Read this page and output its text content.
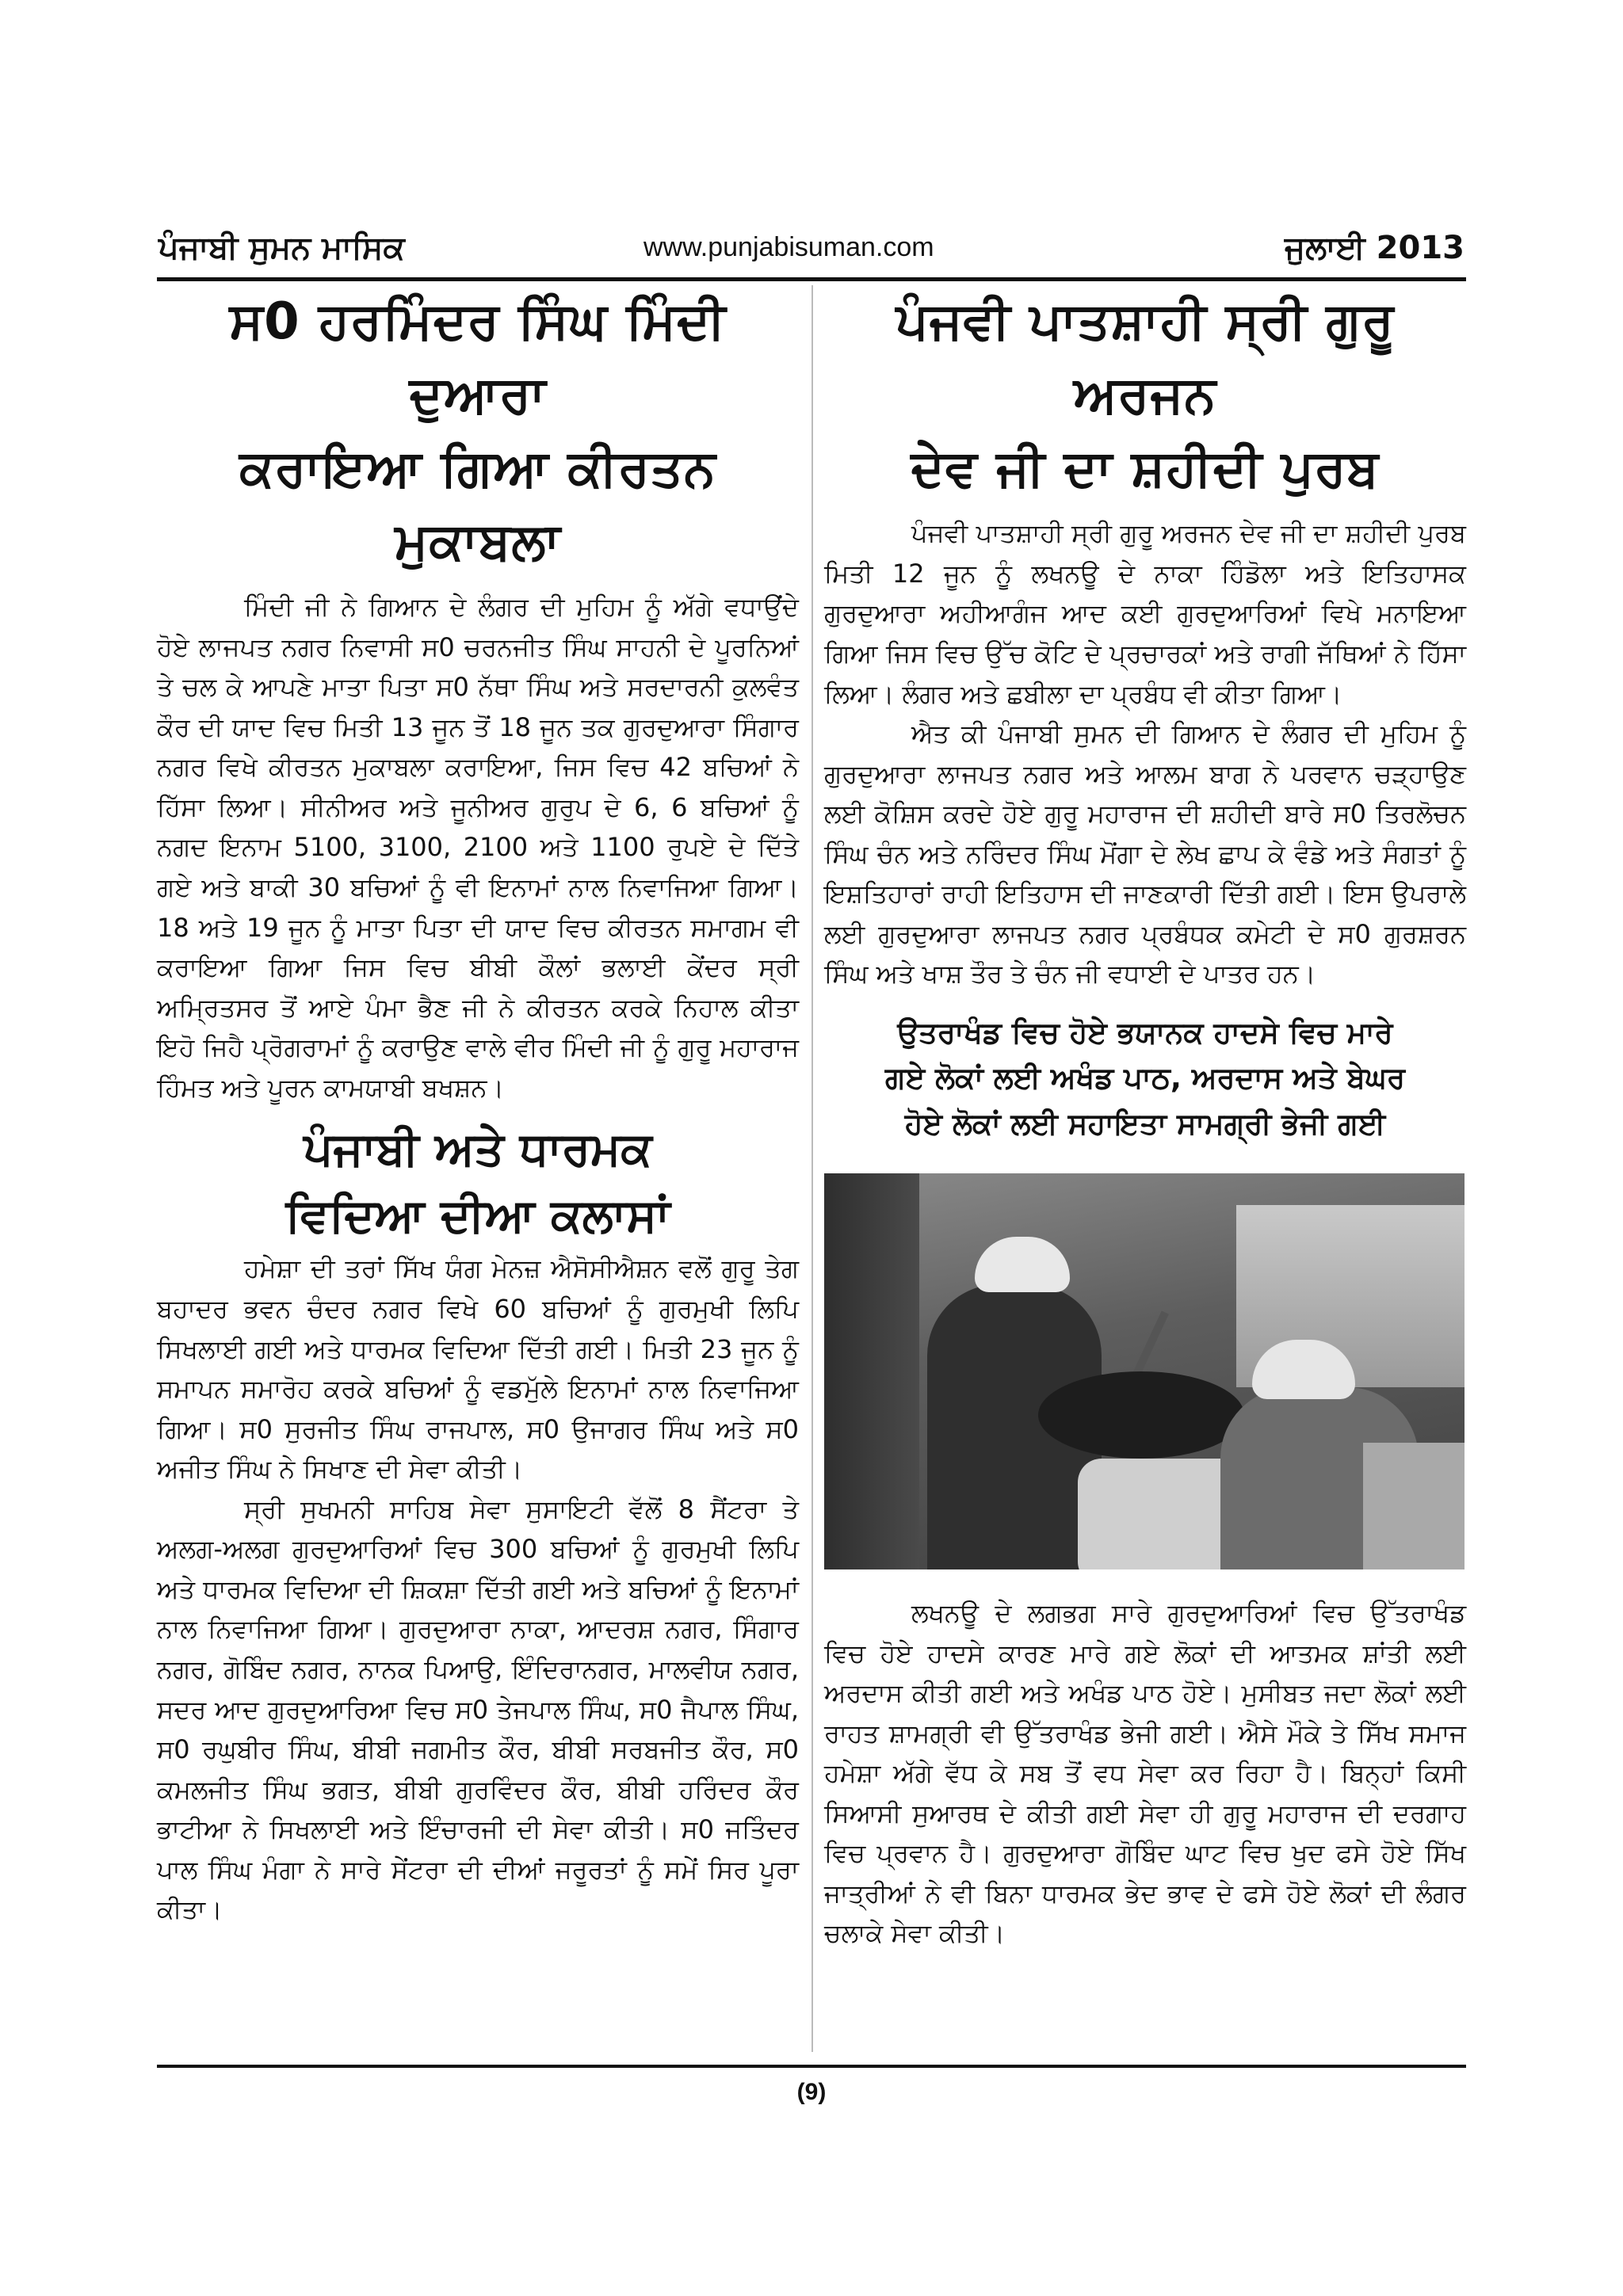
ਪੰਜਾਬੀ ਸੁਮਨ ਮਾਸਿਕ	www.punjabisuman.com	ਜੁਲਾਈ 2013
ਸ0 ਹਰਮਿੰਦਰ ਸਿੰਘ ਮਿੰਦੀ ਦੁਆਰਾ
ਕਰਾਇਆ ਗਿਆ ਕੀਰਤਨ ਮੁਕਾਬਲਾ

ਮਿੰਦੀ ਜੀ ਨੇ ਗਿਆਨ ਦੇ ਲੰਗਰ ਦੀ ਮੁਹਿਮ ਨੂੰ ਅੱਗੇ ਵਧਾਉਂਦੇ ਹੋਏ ਲਾਜਪਤ ਨਗਰ ਨਿਵਾਸੀ ਸ0 ਚਰਨਜੀਤ ਸਿੰਘ ਸਾਹਨੀ ਦੇ ਪੂਰਨਿਆਂ ਤੇ ਚਲ ਕੇ ਆਪਣੇ ਮਾਤਾ ਪਿਤਾ ਸ0 ਨੱਥਾ ਸਿੰਘ ਅਤੇ ਸਰਦਾਰਨੀ ਕੁਲਵੰਤ ਕੌਰ ਦੀ ਯਾਦ ਵਿਚ ਮਿਤੀ 13 ਜੂਨ ਤੋਂ 18 ਜੂਨ ਤਕ ਗੁਰਦੁਆਰਾ ਸਿੰਗਾਰ ਨਗਰ ਵਿਖੇ ਕੀਰਤਨ ਮੁਕਾਬਲਾ ਕਰਾਇਆ, ਜਿਸ ਵਿਚ 42 ਬਚਿਆਂ ਨੇ ਹਿੱਸਾ ਲਿਆ। ਸੀਨੀਅਰ ਅਤੇ ਜੂਨੀਅਰ ਗੁਰੁਪ ਦੇ 6, 6 ਬਚਿਆਂ ਨੂੰ ਨਗਦ ਇਨਾਮ 5100, 3100, 2100 ਅਤੇ 1100 ਰੁਪਏ ਦੇ ਦਿੱਤੇ ਗਏ ਅਤੇ ਬਾਕੀ 30 ਬਚਿਆਂ ਨੂੰ ਵੀ ਇਨਾਮਾਂ ਨਾਲ ਨਿਵਾਜਿਆ ਗਿਆ। 18 ਅਤੇ 19 ਜੂਨ ਨੂੰ ਮਾਤਾ ਪਿਤਾ ਦੀ ਯਾਦ ਵਿਚ ਕੀਰਤਨ ਸਮਾਗਮ ਵੀ ਕਰਾਇਆ ਗਿਆ ਜਿਸ ਵਿਚ ਬੀਬੀ ਕੌਲਾਂ ਭਲਾਈ ਕੇਂਦਰ ਸ੍ਰੀ ਅਮ੍ਰਿਤਸਰ ਤੋਂ ਆਏ ਪੰਮਾ ਭੈਣ ਜੀ ਨੇ ਕੀਰਤਨ ਕਰਕੇ ਨਿਹਾਲ ਕੀਤਾ ਇਹੋ ਜਿਹੈ ਪ੍ਰੋਗਰਾਮਾਂ ਨੂੰ ਕਰਾਉਣ ਵਾਲੇ ਵੀਰ ਮਿੰਦੀ ਜੀ ਨੂੰ ਗੁਰੂ ਮਹਾਰਾਜ ਹਿੰਮਤ ਅਤੇ ਪੂਰਨ ਕਾਮਯਾਬੀ ਬਖਸ਼ਨ।

ਪੰਜਾਬੀ ਅਤੇ ਧਾਰਮਕ
ਵਿਦਿਆ ਦੀਆ ਕਲਾਸਾਂ

ਹਮੇਸ਼ਾ ਦੀ ਤਰਾਂ ਸਿੱਖ ਯੰਗ ਮੇਨਜ਼ ਐਸੋਸੀਐਸ਼ਨ ਵਲੋਂ ਗੁਰੂ ਤੇਗ ਬਹਾਦਰ ਭਵਨ ਚੰਦਰ ਨਗਰ ਵਿਖੇ 60 ਬਚਿਆਂ ਨੂੰ ਗੁਰਮੁਖੀ ਲਿਪਿ ਸਿਖਲਾਈ ਗਈ ਅਤੇ ਧਾਰਮਕ ਵਿਦਿਆ ਦਿੱਤੀ ਗਈ। ਮਿਤੀ 23 ਜੂਨ ਨੂੰ ਸਮਾਪਨ ਸਮਾਰੋਹ ਕਰਕੇ ਬਚਿਆਂ ਨੂੰ ਵਡਮੁੱਲੇ ਇਨਾਮਾਂ ਨਾਲ ਨਿਵਾਜਿਆ ਗਿਆ। ਸ0 ਸੁਰਜੀਤ ਸਿੰਘ ਰਾਜਪਾਲ, ਸ0 ਉਜਾਗਰ ਸਿੰਘ ਅਤੇ ਸ0 ਅਜੀਤ ਸਿੰਘ ਨੇ ਸਿਖਾਣ ਦੀ ਸੇਵਾ ਕੀਤੀ।

ਸ੍ਰੀ ਸੁਖਮਨੀ ਸਾਹਿਬ ਸੇਵਾ ਸੁਸਾਇਟੀ ਵੱਲੋਂ 8 ਸੈਂਟਰਾ ਤੇ ਅਲਗ-ਅਲਗ ਗੁਰਦੁਆਰਿਆਂ ਵਿਚ 300 ਬਚਿਆਂ ਨੂੰ ਗੁਰਮੁਖੀ ਲਿਪਿ ਅਤੇ ਧਾਰਮਕ ਵਿਦਿਆ ਦੀ ਸ਼ਿਕਸ਼ਾ ਦਿੱਤੀ ਗਈ ਅਤੇ ਬਚਿਆਂ ਨੂੰ ਇਨਾਮਾਂ ਨਾਲ ਨਿਵਾਜਿਆ ਗਿਆ। ਗੁਰਦੁਆਰਾ ਨਾਕਾ, ਆਦਰਸ਼ ਨਗਰ, ਸਿੰਗਾਰ ਨਗਰ, ਗੋਬਿੰਦ ਨਗਰ, ਨਾਨਕ ਪਿਆਉ, ਇੰਦਿਰਾਨਗਰ, ਮਾਲਵੀਯ ਨਗਰ, ਸਦਰ ਆਦ ਗੁਰਦੁਆਰਿਆ ਵਿਚ ਸ0 ਤੇਜਪਾਲ ਸਿੰਘ, ਸ0 ਜੈਪਾਲ ਸਿੰਘ, ਸ0 ਰਘੁਬੀਰ ਸਿੰਘ, ਬੀਬੀ ਜਗਮੀਤ ਕੌਰ, ਬੀਬੀ ਸਰਬਜੀਤ ਕੌਰ, ਸ0 ਕਮਲਜੀਤ ਸਿੰਘ ਭਗਤ, ਬੀਬੀ ਗੁਰਵਿੰਦਰ ਕੌਰ, ਬੀਬੀ ਹਰਿੰਦਰ ਕੌਰ ਭਾਟੀਆ ਨੇ ਸਿਖਲਾਈ ਅਤੇ ਇੰਚਾਰਜੀ ਦੀ ਸੇਵਾ ਕੀਤੀ। ਸ0 ਜਤਿੰਦਰ ਪਾਲ ਸਿੰਘ ਮੰਗਾ ਨੇ ਸਾਰੇ ਸੇਂਟਰਾ ਦੀ ਦੀਆਂ ਜਰੂਰਤਾਂ ਨੂੰ ਸਮੇਂ ਸਿਰ ਪੂਰਾ ਕੀਤਾ।

ਪੰਜਵੀ ਪਾਤਸ਼ਾਹੀ ਸ੍ਰੀ ਗੁਰੂ ਅਰਜਨ
ਦੇਵ ਜੀ ਦਾ ਸ਼ਹੀਦੀ ਪੁਰਬ

ਪੰਜਵੀ ਪਾਤਸ਼ਾਹੀ ਸ੍ਰੀ ਗੁਰੂ ਅਰਜਨ ਦੇਵ ਜੀ ਦਾ ਸ਼ਹੀਦੀ ਪੁਰਬ ਮਿਤੀ 12 ਜੂਨ ਨੂੰ ਲਖਨਊ ਦੇ ਨਾਕਾ ਹਿੰਡੋਲਾ ਅਤੇ ਇਤਿਹਾਸਕ ਗੁਰਦੁਆਰਾ ਅਹੀਆਗੰਜ ਆਦ ਕਈ ਗੁਰਦੁਆਰਿਆਂ ਵਿਖੇ ਮਨਾਇਆ ਗਿਆ ਜਿਸ ਵਿਚ ਉੱਚ ਕੋਟਿ ਦੇ ਪ੍ਰਚਾਰਕਾਂ ਅਤੇ ਰਾਗੀ ਜੱਥਿਆਂ ਨੇ ਹਿੱਸਾ ਲਿਆ। ਲੰਗਰ ਅਤੇ ਛਬੀਲਾ ਦਾ ਪ੍ਰਬੰਧ ਵੀ ਕੀਤਾ ਗਿਆ।

ਐਤ ਕੀ ਪੰਜਾਬੀ ਸੁਮਨ ਦੀ ਗਿਆਨ ਦੇ ਲੰਗਰ ਦੀ ਮੁਹਿਮ ਨੂੰ ਗੁਰਦੁਆਰਾ ਲਾਜਪਤ ਨਗਰ ਅਤੇ ਆਲਮ ਬਾਗ ਨੇ ਪਰਵਾਨ ਚੜ੍ਹਾਉਣ ਲਈ ਕੋਸ਼ਿਸ ਕਰਦੇ ਹੋਏ ਗੁਰੂ ਮਹਾਰਾਜ ਦੀ ਸ਼ਹੀਦੀ ਬਾਰੇ ਸ0 ਤਿਰਲੋਚਨ ਸਿੰਘ ਚੰਨ ਅਤੇ ਨਰਿੰਦਰ ਸਿੰਘ ਮੋਂਗਾ ਦੇ ਲੇਖ ਛਾਪ ਕੇ ਵੰਡੇ ਅਤੇ ਸੰਗਤਾਂ ਨੂੰ ਇਸ਼ਤਿਹਾਰਾਂ ਰਾਹੀ ਇਤਿਹਾਸ ਦੀ ਜਾਣਕਾਰੀ ਦਿੱਤੀ ਗਈ। ਇਸ ਉਪਰਾਲੇ ਲਈ ਗੁਰਦੁਆਰਾ ਲਾਜਪਤ ਨਗਰ ਪ੍ਰਬੰਧਕ ਕਮੇਟੀ ਦੇ ਸ0 ਗੁਰਸ਼ਰਨ ਸਿੰਘ ਅਤੇ ਖਾਸ਼ ਤੌਰ ਤੇ ਚੰਨ ਜੀ ਵਧਾਈ ਦੇ ਪਾਤਰ ਹਨ।

ਉਤਰਾਖੰਡ ਵਿਚ ਹੋਏ ਭਯਾਨਕ ਹਾਦਸੇ ਵਿਚ ਮਾਰੇ
ਗਏ ਲੋਕਾਂ ਲਈ ਅਖੰਡ ਪਾਠ, ਅਰਦਾਸ ਅਤੇ ਬੇਘਰ
ਹੋਏ ਲੋਕਾਂ ਲਈ ਸਹਾਇਤਾ ਸਾਮਗ੍ਰੀ ਭੇਜੀ ਗਈ

ਲਖਨਊ ਦੇ ਲਗਭਗ ਸਾਰੇ ਗੁਰਦੁਆਰਿਆਂ ਵਿਚ ਉੱਤਰਾਖੰਡ ਵਿਚ ਹੋਏ ਹਾਦਸੇ ਕਾਰਣ ਮਾਰੇ ਗਏ ਲੋਕਾਂ ਦੀ ਆਤਮਕ ਸ਼ਾਂਤੀ ਲਈ ਅਰਦਾਸ ਕੀਤੀ ਗਈ ਅਤੇ ਅਖੰਡ ਪਾਠ ਹੋਏ। ਮੁਸੀਬਤ ਜਦਾ ਲੋਕਾਂ ਲਈ ਰਾਹਤ ਸ਼ਾਮਗ੍ਰੀ ਵੀ ਉੱਤਰਾਖੰਡ ਭੇਜੀ ਗਈ। ਐਸੇ ਮੌਕੇ ਤੇ ਸਿੱਖ ਸਮਾਜ ਹਮੇਸ਼ਾ ਅੱਗੇ ਵੱਧ ਕੇ ਸਬ ਤੋਂ ਵਧ ਸੇਵਾ ਕਰ ਰਿਹਾ ਹੈ। ਬਿਨ੍ਹਾਂ ਕਿਸੀ ਸਿਆਸੀ ਸੁਆਰਥ ਦੇ ਕੀਤੀ ਗਈ ਸੇਵਾ ਹੀ ਗੁਰੂ ਮਹਾਰਾਜ ਦੀ ਦਰਗਾਹ ਵਿਚ ਪ੍ਰਵਾਨ ਹੈ। ਗੁਰਦੁਆਰਾ ਗੋਬਿੰਦ ਘਾਟ ਵਿਚ ਖੁਦ ਫਸੇ ਹੋਏ ਸਿੱਖ ਜਾਤ੍ਰੀਆਂ ਨੇ ਵੀ ਬਿਨਾ ਧਾਰਮਕ ਭੇਦ ਭਾਵ ਦੇ ਫਸੇ ਹੋਏ ਲੋਕਾਂ ਦੀ ਲੰਗਰ ਚਲਾਕੇ ਸੇਵਾ ਕੀਤੀ।

(9)
